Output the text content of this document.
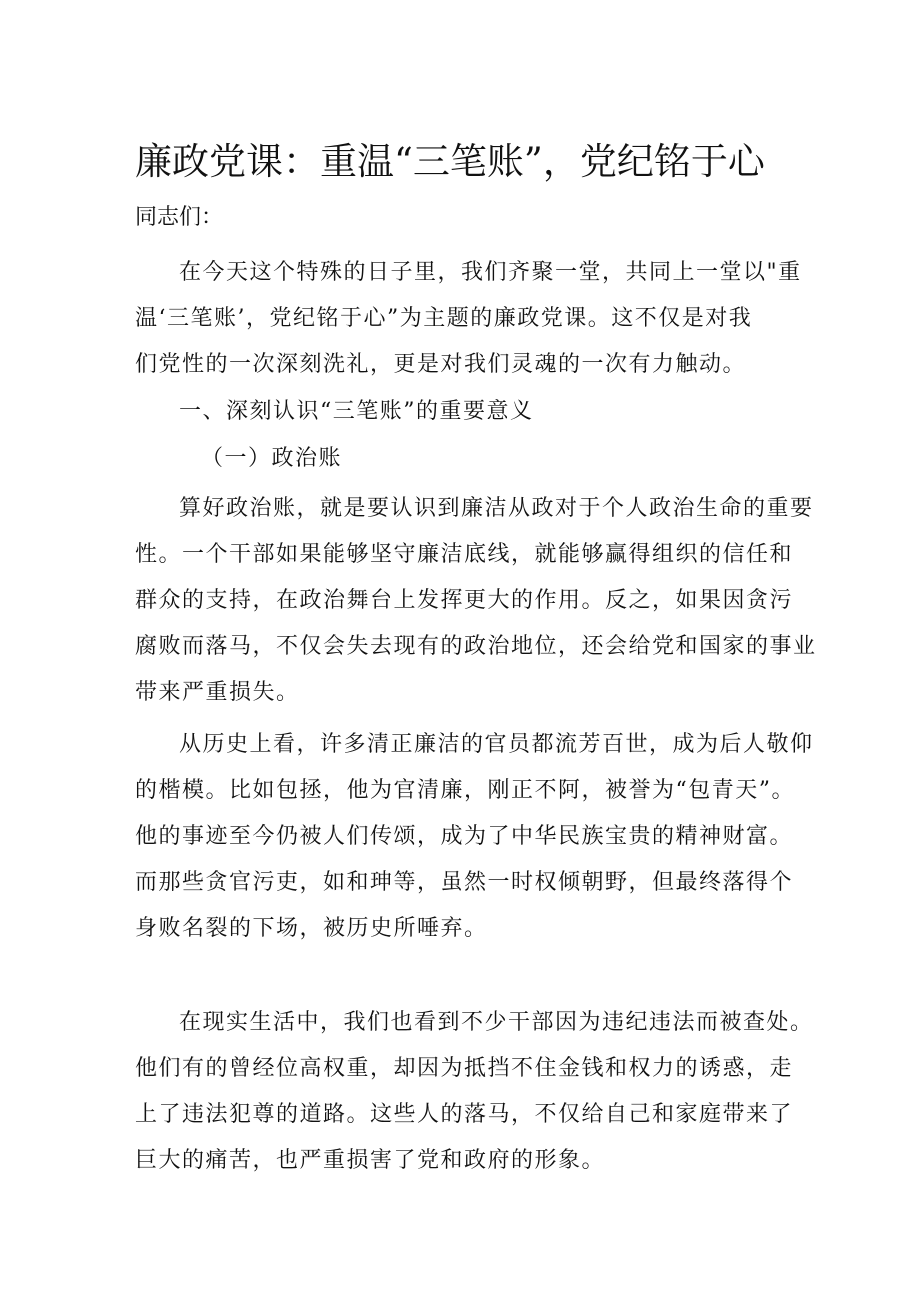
廉政党课：重温“三笔账”，党纪铭于心
同志们：
在今天这个特殊的日子里，我们齐聚一堂，共同上一堂以"重
温‘三笔账’，党纪铭于心”为主题的廉政党课。这不仅是对我
们党性的一次深刻洗礼，更是对我们灵魂的一次有力触动。
一、深刻认识“三笔账”的重要意义
（一）政治账
算好政治账，就是要认识到廉洁从政对于个人政治生命的重要
性。一个干部如果能够坚守廉洁底线，就能够赢得组织的信任和
群众的支持，在政治舞台上发挥更大的作用。反之，如果因贪污
腐败而落马，不仅会失去现有的政治地位，还会给党和国家的事业
带来严重损失。
从历史上看，许多清正廉洁的官员都流芳百世，成为后人敬仰
的楷模。比如包拯，他为官清廉，刚正不阿，被誉为“包青天”。
他的事迹至今仍被人们传颂，成为了中华民族宝贵的精神财富。
而那些贪官污吏，如和珅等，虽然一时权倾朝野，但最终落得个
身败名裂的下场，被历史所唾弃。
在现实生活中，我们也看到不少干部因为违纪违法而被查处。
他们有的曾经位高权重，却因为抵挡不住金钱和权力的诱惑，走
上了违法犯尊的道路。这些人的落马，不仅给自己和家庭带来了
巨大的痛苦，也严重损害了党和政府的形象。
